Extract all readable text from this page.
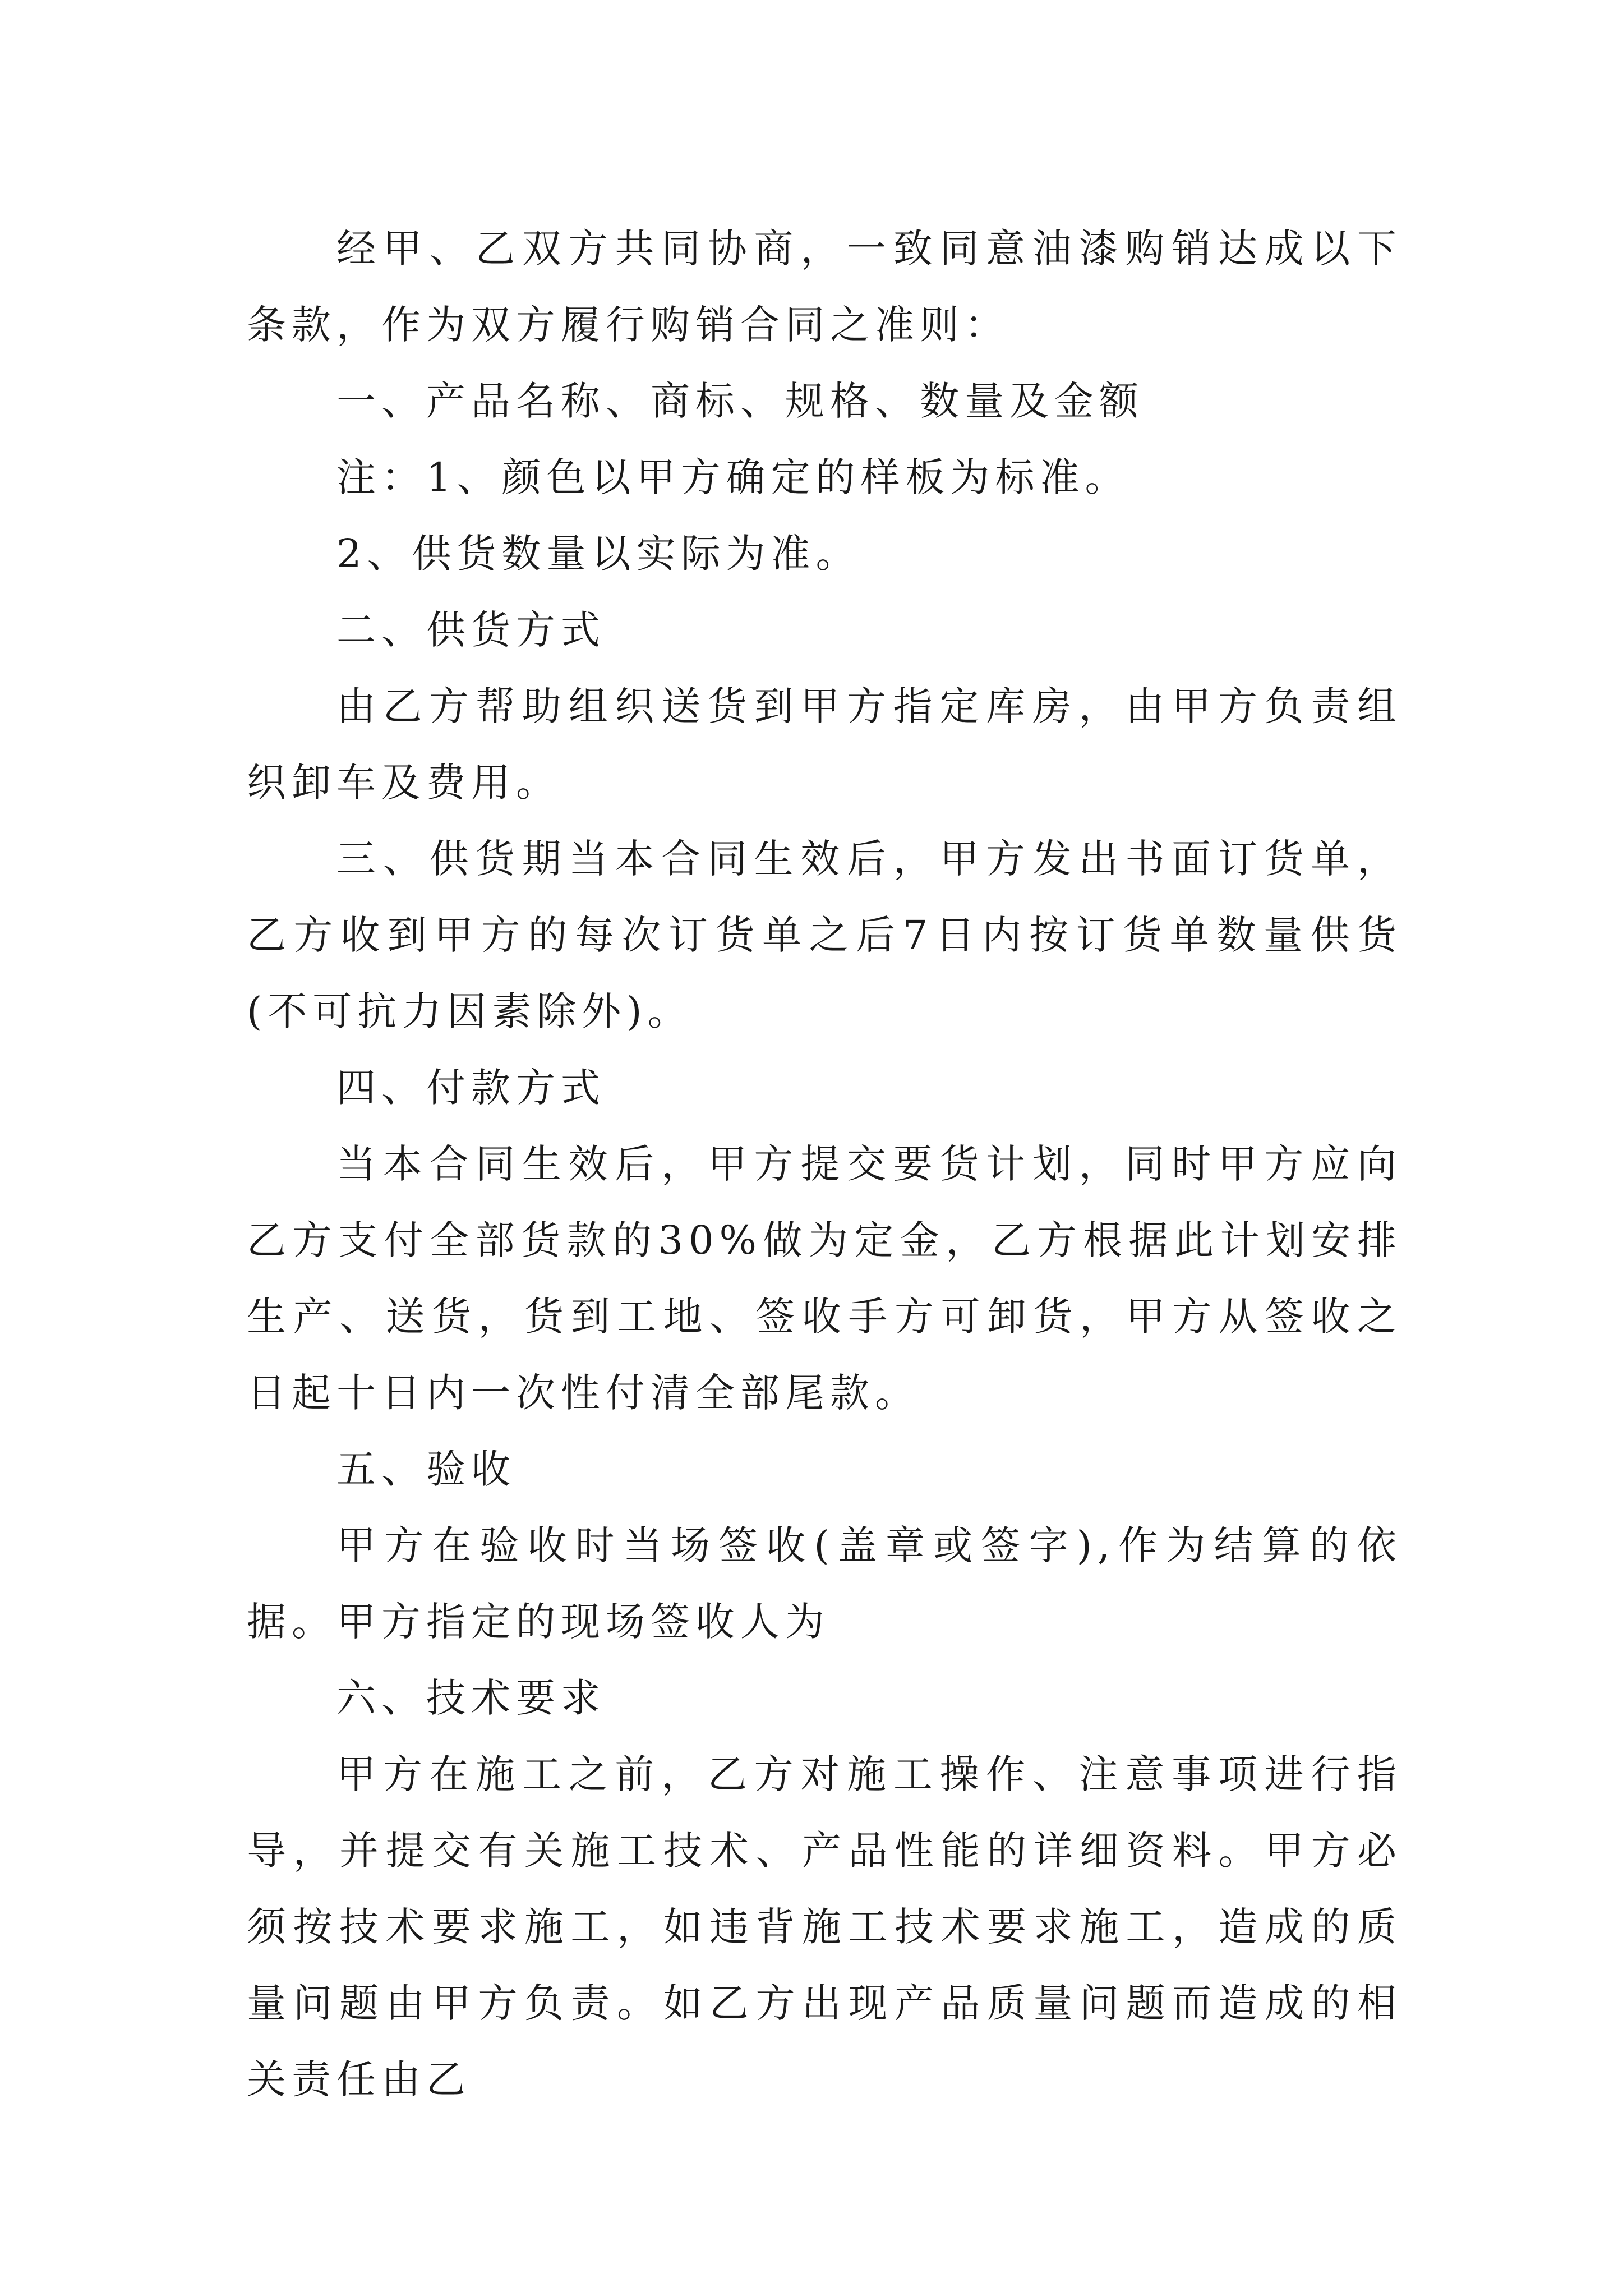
经甲、乙双方共同协商，一致同意油漆购销达成以下条款，作为双方履行购销合同之准则：

一、产品名称、商标、规格、数量及金额

注：1、颜色以甲方确定的样板为标准。

2、供货数量以实际为准。

二、供货方式

由乙方帮助组织送货到甲方指定库房，由甲方负责组织卸车及费用。

三、供货期当本合同生效后，甲方发出书面订货单，乙方收到甲方的每次订货单之后7日内按订货单数量供货(不可抗力因素除外)。

四、付款方式

当本合同生效后，甲方提交要货计划，同时甲方应向乙方支付全部货款的30%做为定金，乙方根据此计划安排生产、送货，货到工地、签收手方可卸货，甲方从签收之日起十日内一次性付清全部尾款。

五、验收

甲方在验收时当场签收(盖章或签字),作为结算的依据。甲方指定的现场签收人为

六、技术要求

甲方在施工之前，乙方对施工操作、注意事项进行指导，并提交有关施工技术、产品性能的详细资料。甲方必须按技术要求施工，如违背施工技术要求施工，造成的质量问题由甲方负责。如乙方出现产品质量问题而造成的相关责任由乙
